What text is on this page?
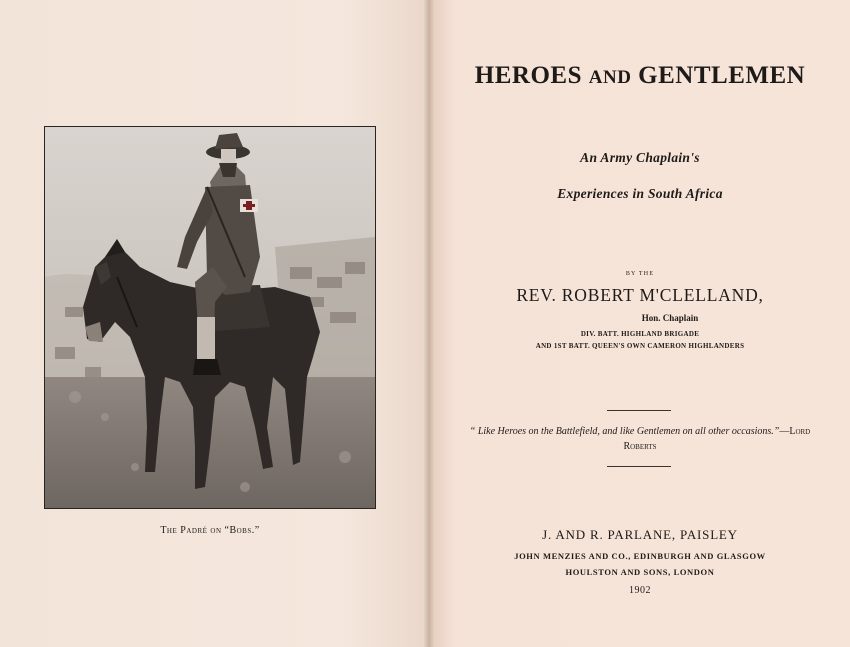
The Padré on “Bobs.”
HEROES AND GENTLEMEN
An Army Chaplain's
Experiences in South Africa
BY THE
REV. ROBERT M'CLELLAND,
Hon. Chaplain
DIV. BATT. HIGHLAND BRIGADE
AND 1ST BATT. QUEEN'S OWN CAMERON HIGHLANDERS
“ Like Heroes on the Battlefield, and like Gentlemen on all other occasions.”—Lord Roberts
J. AND R. PARLANE, PAISLEY
JOHN MENZIES AND CO., EDINBURGH AND GLASGOW
HOULSTON AND SONS, LONDON
1902
